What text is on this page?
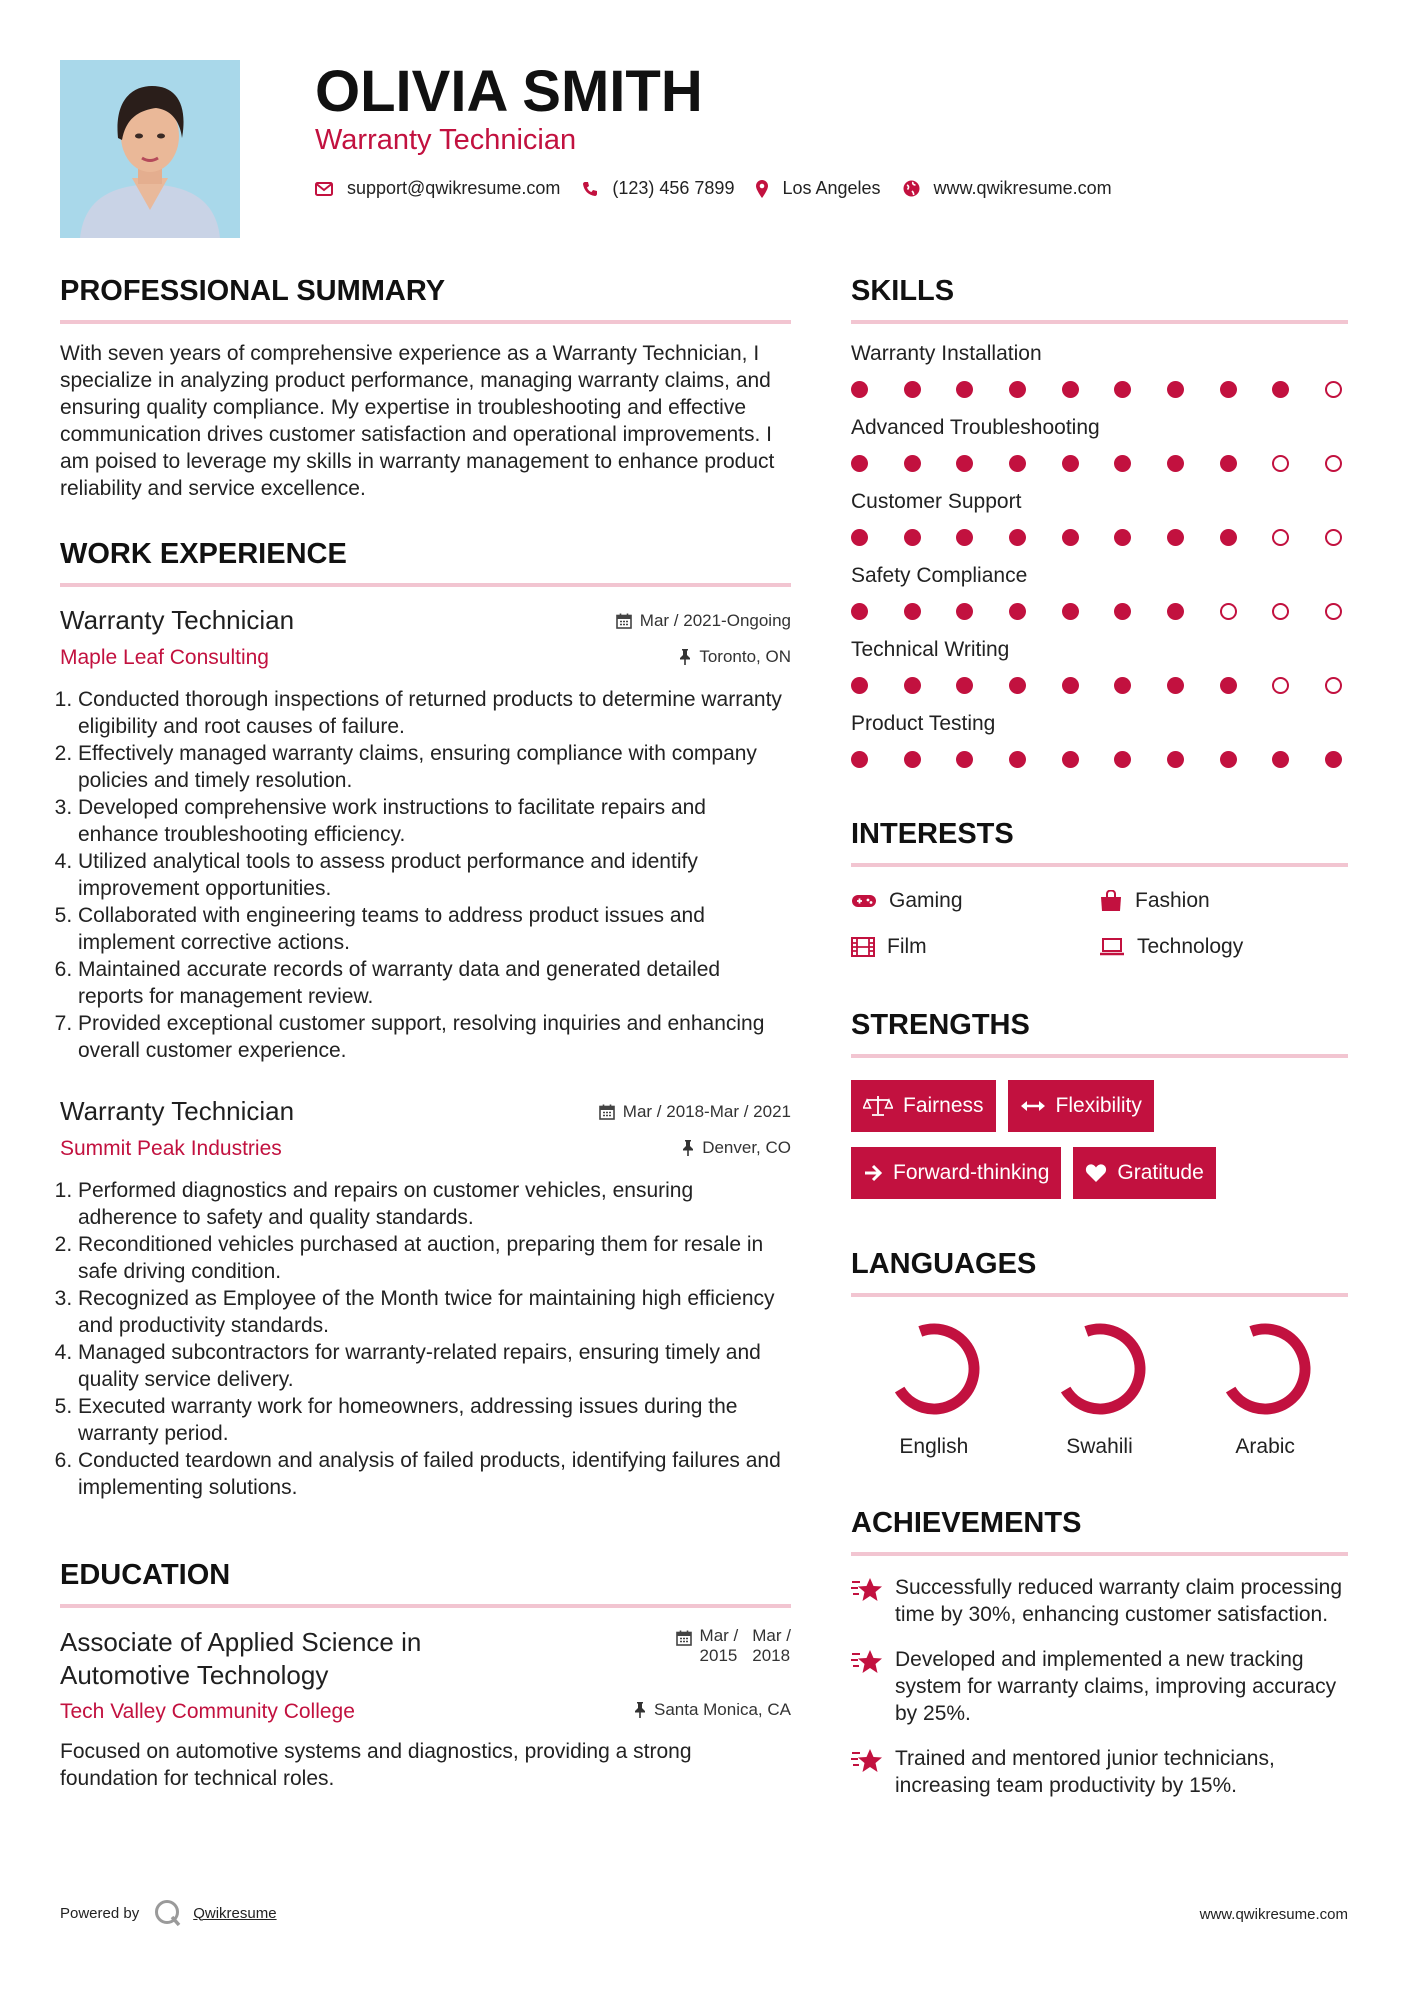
OLIVIA SMITH
Warranty Technician
support@qwikresume.com	(123) 456 7899	Los Angeles	www.qwikresume.com
PROFESSIONAL SUMMARY
With seven years of comprehensive experience as a Warranty Technician, I specialize in analyzing product performance, managing warranty claims, and ensuring quality compliance. My expertise in troubleshooting and effective communication drives customer satisfaction and operational improvements. I am poised to leverage my skills in warranty management to enhance product reliability and service excellence.
WORK EXPERIENCE
Warranty Technician
Maple Leaf Consulting
Mar / 2021-Ongoing
Toronto, ON
1. Conducted thorough inspections of returned products to determine warranty eligibility and root causes of failure.
2. Effectively managed warranty claims, ensuring compliance with company policies and timely resolution.
3. Developed comprehensive work instructions to facilitate repairs and enhance troubleshooting efficiency.
4. Utilized analytical tools to assess product performance and identify improvement opportunities.
5. Collaborated with engineering teams to address product issues and implement corrective actions.
6. Maintained accurate records of warranty data and generated detailed reports for management review.
7. Provided exceptional customer support, resolving inquiries and enhancing overall customer experience.
Warranty Technician
Summit Peak Industries
Mar / 2018-Mar / 2021
Denver, CO
1. Performed diagnostics and repairs on customer vehicles, ensuring adherence to safety and quality standards.
2. Reconditioned vehicles purchased at auction, preparing them for resale in safe driving condition.
3. Recognized as Employee of the Month twice for maintaining high efficiency and productivity standards.
4. Managed subcontractors for warranty-related repairs, ensuring timely and quality service delivery.
5. Executed warranty work for homeowners, addressing issues during the warranty period.
6. Conducted teardown and analysis of failed products, identifying failures and implementing solutions.
EDUCATION
Associate of Applied Science in Automotive Technology
Mar /
2015
Mar /
2018
Tech Valley Community College	Santa Monica, CA
Focused on automotive systems and diagnostics, providing a strong foundation for technical roles.
SKILLS
Warranty Installation
Advanced Troubleshooting
Customer Support
Safety Compliance
Technical Writing
Product Testing
INTERESTS
Gaming	Fashion
Film	Technology
STRENGTHS
Fairness	Flexibility
Forward-thinking	Gratitude
LANGUAGES
English	Swahili	Arabic
ACHIEVEMENTS
Successfully reduced warranty claim processing time by 30%, enhancing customer satisfaction.
Developed and implemented a new tracking system for warranty claims, improving accuracy by 25%.
Trained and mentored junior technicians, increasing team productivity by 15%.
Powered by	Qwikresume	www.qwikresume.com
